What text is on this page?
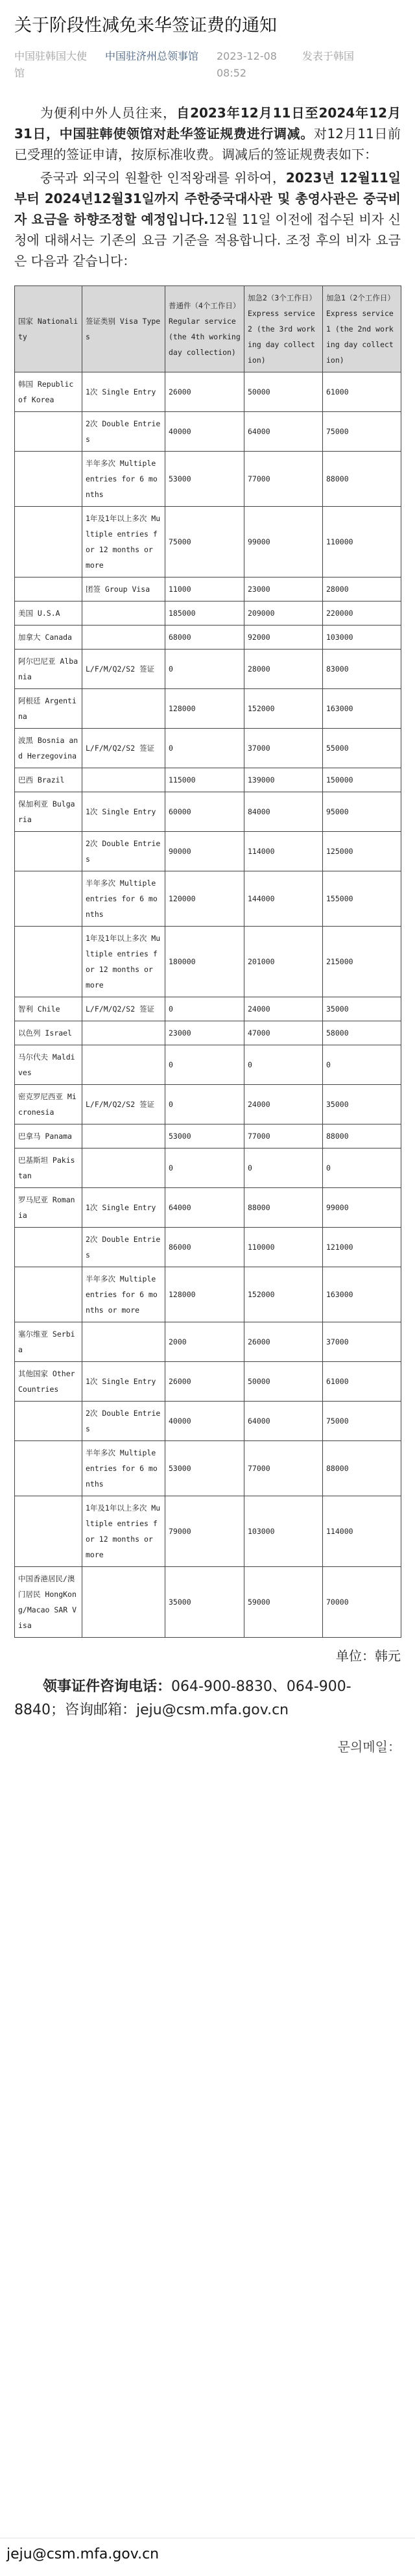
关于阶段性减免来华签证费的通知
中国驻韩国大使馆
中国驻济州总领事馆	2023-12-08 08:52
发表于韩国

为便利中外人员往来，自2023年12月11日至2024年12月31日，中国驻韩使领馆对赴华签证规费进行调减。对12月11日前已受理的签证申请，按原标准收费。调减后的签证规费表如下：

중국과 외국의 원활한 인적왕래를 위하여，2023년 12월11일부터 2024년12월31일까지 주한중국대사관 및 총영사관은 중국비자 요금을 하향조정할 예정입니다.12월 11일 이전에 접수된 비자 신청에 대해서는 기존의 요금 기준을 적용합니다. 조정 후의 비자 요금은 다음과 같습니다：

国家 Nationality	签证类别 Visa Types	普通件（4个工作日） Regular service (the 4th working day collection)	加急2（3个工作日） Express service 2 (the 3rd working day collection)	加急1（2个工作日） Express service 1 (the 2nd working day collection)
韩国 Republic of Korea	1次 Single Entry	26000	50000	61000
	2次 Double Entries	40000	64000	75000
	半年多次 Multiple entries for 6 months	53000	77000	88000
	1年及1年以上多次 Multiple entries for 12 months or more	75000	99000	110000
	团签 Group Visa	11000	23000	28000
美国 U.S.A		185000	209000	220000
加拿大 Canada		68000	92000	103000
阿尔巴尼亚 Albania	L/F/M/Q2/S2 签证	0	28000	83000
阿根廷 Argentina		128000	152000	163000
波黑 Bosnia and Herzegovina	L/F/M/Q2/S2 签证	0	37000	55000
巴西 Brazil		115000	139000	150000
保加利亚 Bulgaria	1次 Single Entry	60000	84000	95000
	2次 Double Entries	90000	114000	125000
	半年多次 Multiple entries for 6 months	120000	144000	155000
	1年及1年以上多次 Multiple entries for 12 months or more	180000	201000	215000
智利 Chile	L/F/M/Q2/S2 签证	0	24000	35000
以色列 Israel		23000	47000	58000
马尔代夫 Maldives		0	0	0
密克罗尼西亚 Micronesia	L/F/M/Q2/S2 签证	0	24000	35000
巴拿马 Panama		53000	77000	88000
巴基斯坦 Pakistan		0	0	0
罗马尼亚 Romania	1次 Single Entry	64000	88000	99000
	2次 Double Entries	86000	110000	121000
	半年多次 Multiple entries for 6 months or more	128000	152000	163000
塞尔维亚 Serbia		2000	26000	37000
其他国家 Other Countries	1次 Single Entry	26000	50000	61000
	2次 Double Entries	40000	64000	75000
	半年多次 Multiple entries for 6 months	53000	77000	88000
	1年及1年以上多次 Multiple entries for 12 months or more	79000	103000	114000
中国香港居民/澳门居民 HongKong/Macao SAR Visa		35000	59000	70000
单位：韩元

领事证件咨询电话：064-900-8830、064-900-8840；咨询邮箱：jeju@csm.mfa.gov.cn

문의메일：
jeju@csm.mfa.gov.cn
